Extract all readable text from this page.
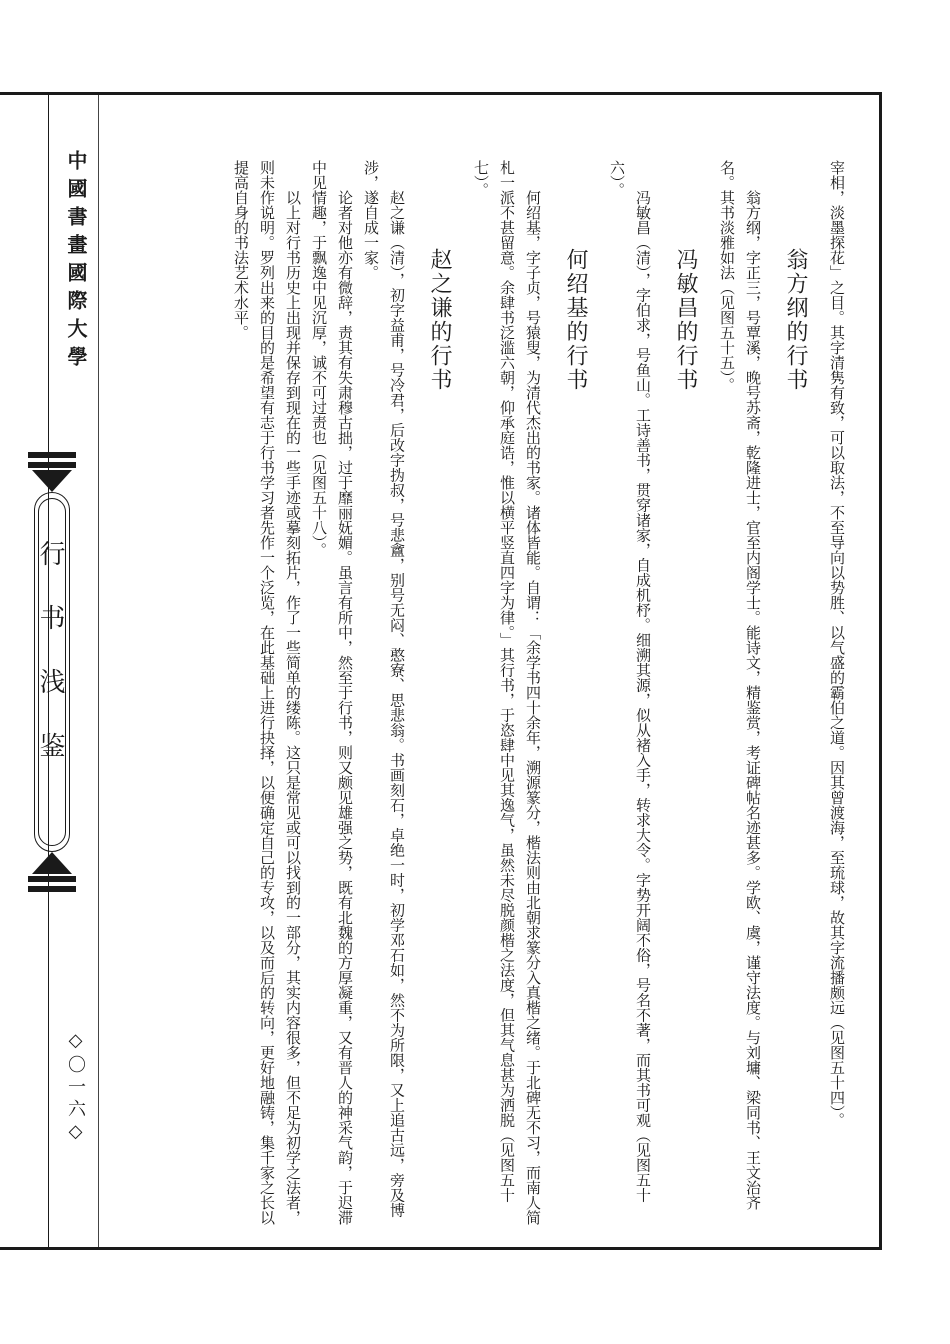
中國書畫國際大學
行书浅鉴
◇〇一六◇	宰相，淡墨探花」之目。其字清隽有致，可以取法，不至导向以势胜、以气盛的霸伯之道。因其曾渡海，至琉球，故其字流播颇远（见图五十四）。

翁方纲的行书

翁方纲，字正三，号覃溪，晚号苏斋，乾隆进士，官至内阁学士。能诗文，精鉴赏，考证碑帖名迹甚多。学欧、虞，谨守法度。与刘墉、梁同书、王文治齐名。其书淡雅如法（见图五十五）。

冯敏昌的行书

冯敏昌（清），字伯求，号鱼山。工诗善书，贯穿诸家，自成机杼。细溯其源，似从褚入手，转求大令。字势开阔不俗，号名不著，而其书可观（见图五十六）。

何绍基的行书

何绍基，字子贞，号猿叟，为清代杰出的书家。诸体皆能。自谓：「余学书四十余年，溯源篆分，楷法则由北朝求篆分入真楷之绪。于北碑无不习，而南人简札一派不甚留意。余肆书泛滥六朝，仰承庭诰，惟以横平竖直四字为律。」其行书，于恣肆中见其逸气，虽然未尽脱颜楷之法度，但其气息甚为洒脱（见图五十七）。

赵之谦的行书

赵之谦（清），初字益甫，号冷君，后改字㧑叔，号悲盦，别号无闷、憨寮、思悲翁。书画刻石，卓绝一时，初学邓石如，然不为所限，又上追古远，旁及博涉，遂自成一家。

论者对他亦有微辞，责其有失肃穆古拙，过于靡丽妩媚。虽言有所中，然至于行书，则又颇见雄强之势，既有北魏的方厚凝重，又有晋人的神采气韵，于迟滞中见情趣，于飘逸中见沉厚，诚不可过责也（见图五十八）。

以上对行书历史上出现并保存到现在的一些手迹或摹刻拓片，作了一些简单的缕陈。这只是常见或可以找到的一部分，其实内容很多，但不足为初学之法者，则未作说明。罗列出来的目的是希望有志于行书学习者先作一个泛览，在此基础上进行抉择，以便确定自己的专攻，以及而后的转向，更好地融铸，集千家之长以提高自身的书法艺术水平。
